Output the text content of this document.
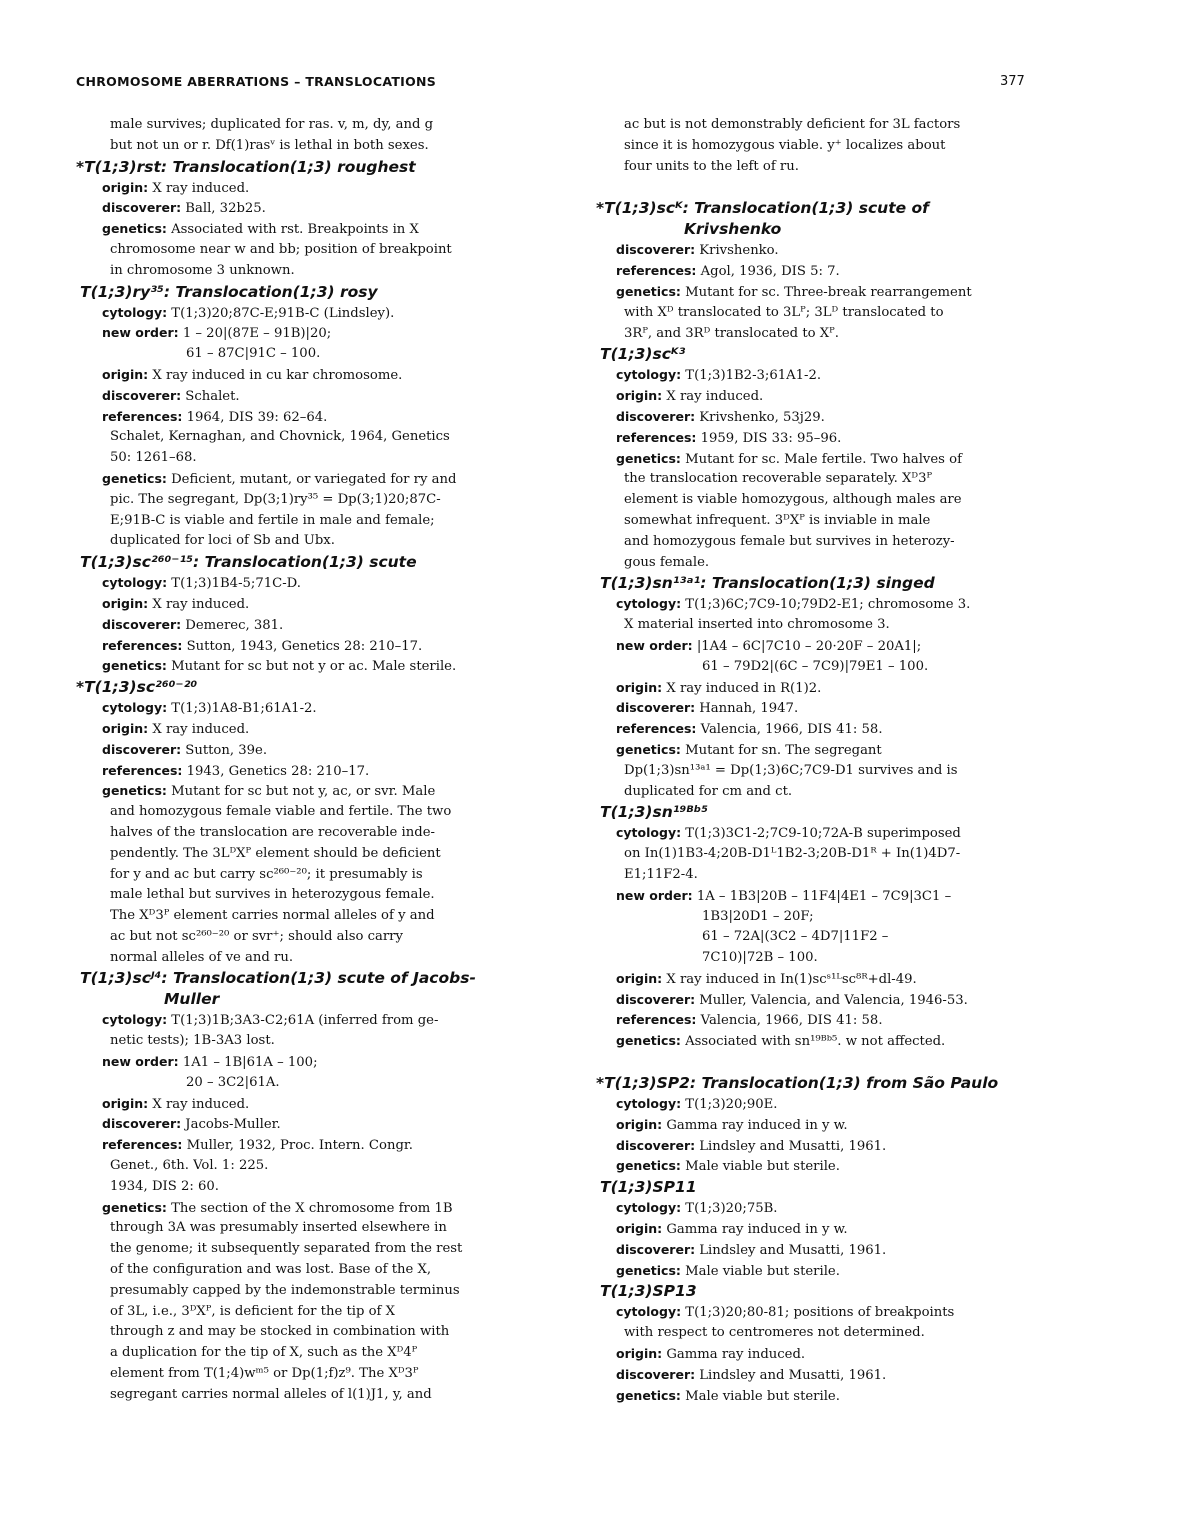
CHROMOSOME ABERRATIONS – TRANSLOCATIONS	377
male survives; duplicated for ras. v, m, dy, and g
but not un or r. Df(1)rasᵛ is lethal in both sexes.
*T(1;3)rst: Translocation(1;3) roughest
origin: X ray induced.
discoverer: Ball, 32b25.
genetics: Associated with rst. Breakpoints in X
chromosome near w and bb; position of breakpoint
in chromosome 3 unknown.
T(1;3)ry³⁵: Translocation(1;3) rosy
cytology: T(1;3)20;87C-E;91B-C (Lindsley).
new order: 1 – 20|(87E – 91B)|20;
61 – 87C|91C – 100.
origin: X ray induced in cu kar chromosome.
discoverer: Schalet.
references: 1964, DIS 39: 62–64.
Schalet, Kernaghan, and Chovnick, 1964, Genetics
50: 1261–68.
genetics: Deficient, mutant, or variegated for ry and
pic. The segregant, Dp(3;1)ry³⁵ = Dp(3;1)20;87C-
E;91B-C is viable and fertile in male and female;
duplicated for loci of Sb and Ubx.
T(1;3)sc²⁶⁰⁻¹⁵: Translocation(1;3) scute
cytology: T(1;3)1B4-5;71C-D.
origin: X ray induced.
discoverer: Demerec, 381.
references: Sutton, 1943, Genetics 28: 210–17.
genetics: Mutant for sc but not y or ac. Male sterile.
*T(1;3)sc²⁶⁰⁻²⁰
cytology: T(1;3)1A8-B1;61A1-2.
origin: X ray induced.
discoverer: Sutton, 39e.
references: 1943, Genetics 28: 210–17.
genetics: Mutant for sc but not y, ac, or svr. Male
and homozygous female viable and fertile. The two
halves of the translocation are recoverable inde-
pendently. The 3LᴰXᴾ element should be deficient
for y and ac but carry sc²⁶⁰⁻²⁰; it presumably is
male lethal but survives in heterozygous female.
The Xᴰ3ᴾ element carries normal alleles of y and
ac but not sc²⁶⁰⁻²⁰ or svr⁺; should also carry
normal alleles of ve and ru.
T(1;3)scᴶ⁴: Translocation(1;3) scute of Jacobs-
Muller
cytology: T(1;3)1B;3A3-C2;61A (inferred from ge-
netic tests); 1B-3A3 lost.
new order: 1A1 – 1B|61A – 100;
20 – 3C2|61A.
origin: X ray induced.
discoverer: Jacobs-Muller.
references: Muller, 1932, Proc. Intern. Congr.
Genet., 6th. Vol. 1: 225.
1934, DIS 2: 60.
genetics: The section of the X chromosome from 1B
through 3A was presumably inserted elsewhere in
the genome; it subsequently separated from the rest
of the configuration and was lost. Base of the X,
presumably capped by the indemonstrable terminus
of 3L, i.e., 3ᴰXᴾ, is deficient for the tip of X
through z and may be stocked in combination with
a duplication for the tip of X, such as the Xᴰ4ᴾ
element from T(1;4)wᵐ⁵ or Dp(1;f)z⁹. The Xᴰ3ᴾ
segregant carries normal alleles of l(1)J1, y, and
ac but is not demonstrably deficient for 3L factors
since it is homozygous viable. y⁺ localizes about
four units to the left of ru.
*T(1;3)scᴷ: Translocation(1;3) scute of
Krivshenko
discoverer: Krivshenko.
references: Agol, 1936, DIS 5: 7.
genetics: Mutant for sc. Three-break rearrangement
with Xᴰ translocated to 3Lᴾ; 3Lᴰ translocated to
3Rᴾ, and 3Rᴰ translocated to Xᴾ.
T(1;3)scᴷ³
cytology: T(1;3)1B2-3;61A1-2.
origin: X ray induced.
discoverer: Krivshenko, 53j29.
references: 1959, DIS 33: 95–96.
genetics: Mutant for sc. Male fertile. Two halves of
the translocation recoverable separately. Xᴰ3ᴾ
element is viable homozygous, although males are
somewhat infrequent. 3ᴰXᴾ is inviable in male
and homozygous female but survives in heterozy-
gous female.
T(1;3)sn¹³ᵃ¹: Translocation(1;3) singed
cytology: T(1;3)6C;7C9-10;79D2-E1; chromosome 3.
X material inserted into chromosome 3.
new order: |1A4 – 6C|7C10 – 20·20F – 20A1|;
61 – 79D2|(6C – 7C9)|79E1 – 100.
origin: X ray induced in R(1)2.
discoverer: Hannah, 1947.
references: Valencia, 1966, DIS 41: 58.
genetics: Mutant for sn. The segregant
Dp(1;3)sn¹³ᵃ¹ = Dp(1;3)6C;7C9-D1 survives and is
duplicated for cm and ct.
T(1;3)sn¹⁹ᴮᵇ⁵
cytology: T(1;3)3C1-2;7C9-10;72A-B superimposed
on In(1)1B3-4;20B-D1ᴸ1B2-3;20B-D1ᴿ + In(1)4D7-
E1;11F2-4.
new order: 1A – 1B3|20B – 11F4|4E1 – 7C9|3C1 –
1B3|20D1 – 20F;
61 – 72A|(3C2 – 4D7|11F2 –
7C10)|72B – 100.
origin: X ray induced in In(1)scˢ¹ᴸsc⁸ᴿ+dl-49.
discoverer: Muller, Valencia, and Valencia, 1946-53.
references: Valencia, 1966, DIS 41: 58.
genetics: Associated with sn¹⁹ᴮᵇ⁵. w not affected.
*T(1;3)SP2: Translocation(1;3) from São Paulo
cytology: T(1;3)20;90E.
origin: Gamma ray induced in y w.
discoverer: Lindsley and Musatti, 1961.
genetics: Male viable but sterile.
T(1;3)SP11
cytology: T(1;3)20;75B.
origin: Gamma ray induced in y w.
discoverer: Lindsley and Musatti, 1961.
genetics: Male viable but sterile.
T(1;3)SP13
cytology: T(1;3)20;80-81; positions of breakpoints
with respect to centromeres not determined.
origin: Gamma ray induced.
discoverer: Lindsley and Musatti, 1961.
genetics: Male viable but sterile.
